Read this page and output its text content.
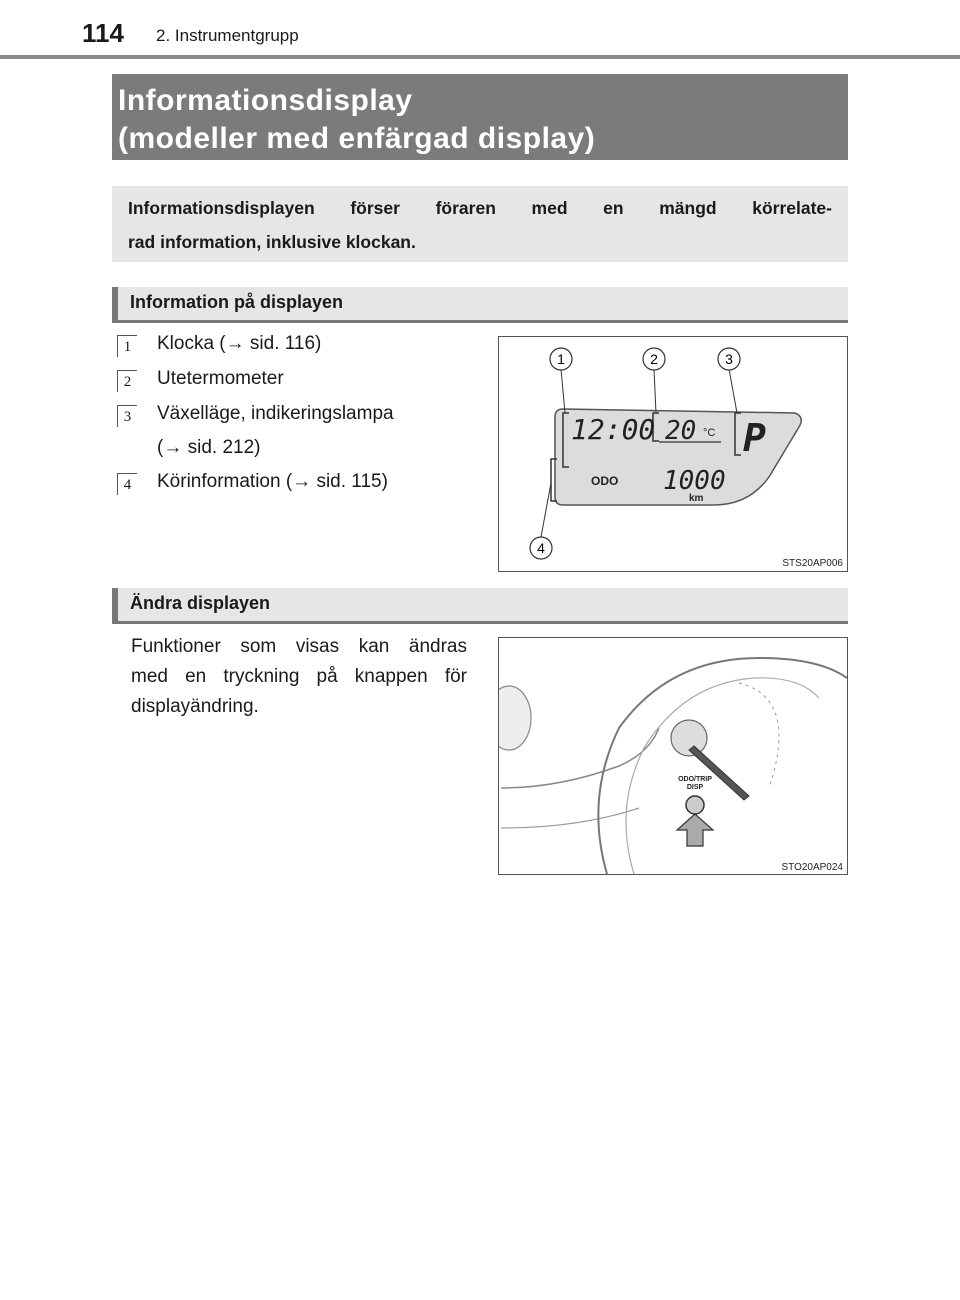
114 2. Instrumentgrupp
Informationsdisplay
(modeller med enfärgad display)
Informationsdisplayen förser föraren med en mängd körrelate-
rad information, inklusive klockan.
Information på displayen
1	Klocka (→ sid. 116)
2	Utetermometer
3	Växelläge, indikeringslampa
(→ sid. 212)
4	Körinformation (→ sid. 115)
12:00 20 °C P
ODO 1000
km
1	2	3
4
STS20AP006
Ändra displayen
Funktioner som visas kan ändras
med en tryckning på knappen för
displayändring.
ODO/TRIP
DISP
STO20AP024
